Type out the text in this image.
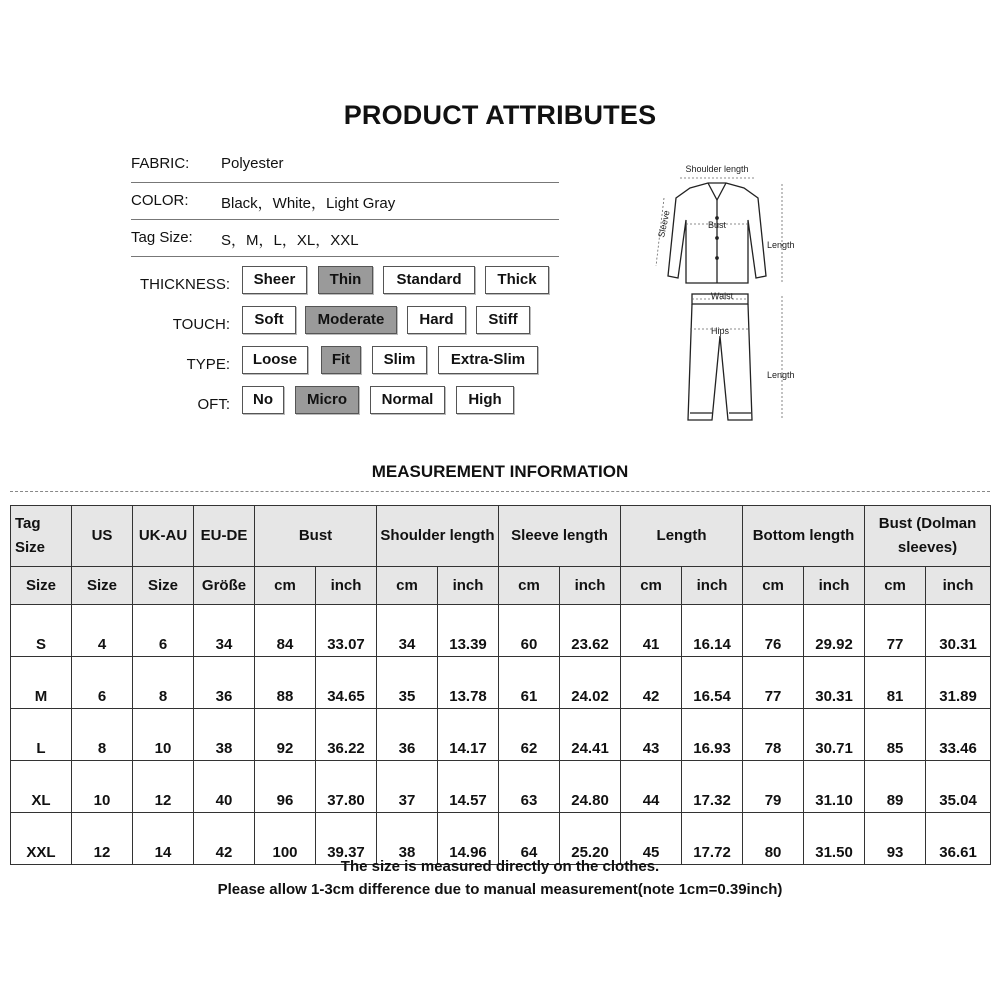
PRODUCT ATTRIBUTES
FABRIC: Polyester
COLOR: Black，White，Light Gray
Tag Size: S，M，L，XL，XXL
THICKNESS:	Sheer	Thin	Standard	Thick
TOUCH:	Soft	Moderate	Hard	Stiff
TYPE:	Loose	Fit	Slim	Extra-Slim
OFT:	No	Micro	Normal	High
Shoulder length
Bust
Sleeve
Length
Waist
Hips
Length
MEASUREMENT INFORMATION
Tag Size	US	UK-AU	EU-DE	Bust		Shoulder length		Sleeve length		Length		Bottom length		Bust (Dolman sleeves)	
Size	Size	Size	Größe	cm	inch	cm	inch	cm	inch	cm	inch	cm	inch	cm	inch
S	4	6	34	84	33.07	34	13.39	60	23.62	41	16.14	76	29.92	77	30.31
M	6	8	36	88	34.65	35	13.78	61	24.02	42	16.54	77	30.31	81	31.89
L	8	10	38	92	36.22	36	14.17	62	24.41	43	16.93	78	30.71	85	33.46
XL	10	12	40	96	37.80	37	14.57	63	24.80	44	17.32	79	31.10	89	35.04
XXL	12	14	42	100	39.37	38	14.96	64	25.20	45	17.72	80	31.50	93	36.61
The size is measured directly on the clothes.
Please allow 1-3cm difference due to manual measurement(note 1cm=0.39inch)
